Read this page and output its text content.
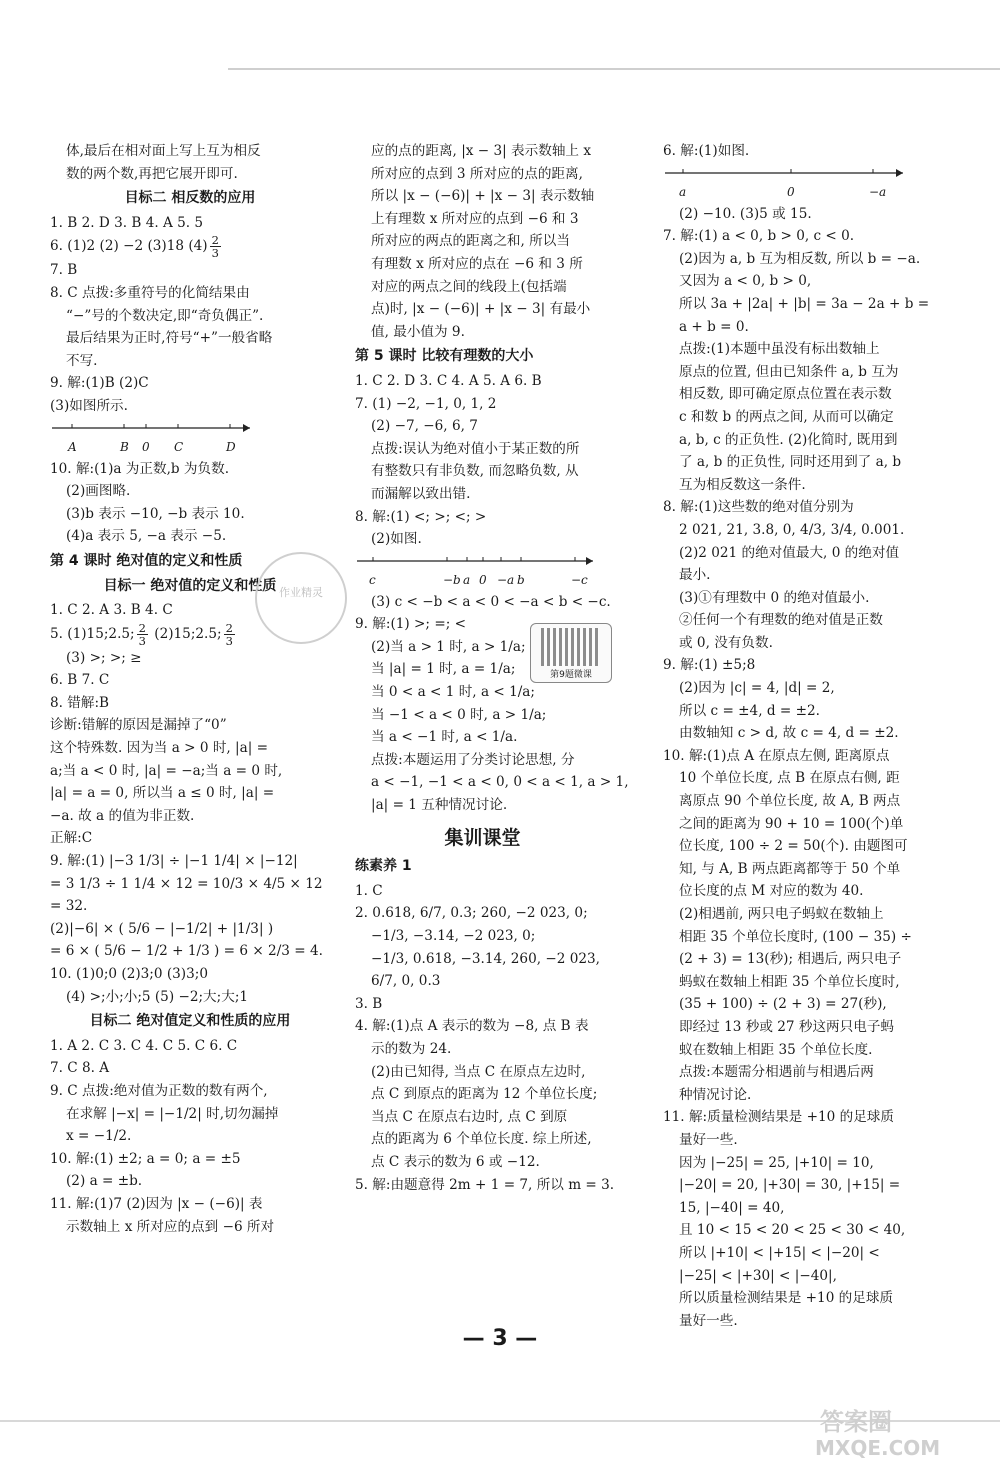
体,最后在相对面上写上互为相反
数的两个数,再把它展开即可.
目标二 相反数的应用
1. B 2. D 3. B 4. A 5. 5
6. (1)2 (2) −2 (3)18 $(4) \frac{2}{3}$
7. B
8. C 点拨:多重符号的化简结果由
“−”号的个数决定,即“奇负偶正”.
最后结果为正时,符号“+”一般省略
不写.
9. 解:(1)B (2)C
(3)如图所示.
A	B 0 C	D
10. 解:(1)a 为正数,b 为负数.
(2)画图略.
(3)b 表示 −10, −b 表示 10.
(4)a 表示 5, −a 表示 −5.
第 4 课时 绝对值的定义和性质
目标一 绝对值的定义和性质
1. C 2. A 3. B 4. C
5. (1)15;2.5; $\frac{2}{3}$ (2)15;2.5; $\frac{2}{3}$
(3) >; >; ≥
6. B 7. C
8. 错解:B
诊断:错解的原因是漏掉了“0”
这个特殊数. 因为当 a > 0 时, |a| =
a;当 a < 0 时, |a| = −a;当 a = 0 时,
|a| = a = 0, 所以当 a ≤ 0 时, |a| =
−a. 故 a 的值为非正数.
正解:C
9. 解:(1) |−3 1/3| ÷ |−1 1/4| × |−12|
= 3 1/3 ÷ 1 1/4 × 12 = 10/3 × 4/5 × 12
= 32.
(2)|−6| × ( 5/6 − |−1/2| + |1/3| )
= 6 × ( 5/6 − 1/2 + 1/3 ) = 6 × 2/3 = 4.
10. (1)0;0 (2)3;0 (3)3;0
(4) >;小;小;5 (5) −2;大;大;1
目标二 绝对值定义和性质的应用
1. A 2. C 3. C 4. C 5. C 6. C
7. C 8. A
9. C 点拨:绝对值为正数的数有两个,
在求解 |−x| = |−1/2| 时,切勿漏掉
x = −1/2.
10. 解:(1) ±2; a = 0; a = ±5
(2) a = ±b.
11. 解:(1)7 (2)因为 |x − (−6)| 表
示数轴上 x 所对应的点到 −6 所对
应的点的距离, |x − 3| 表示数轴上 x
所对应的点到 3 所对应的点的距离,
所以 |x − (−6)| + |x − 3| 表示数轴
上有理数 x 所对应的点到 −6 和 3
所对应的两点的距离之和, 所以当
有理数 x 所对应的点在 −6 和 3 所
对应的两点之间的线段上(包括端
点)时, |x − (−6)| + |x − 3| 有最小
值, 最小值为 9.
第 5 课时 比较有理数的大小
1. C 2. D 3. C 4. A 5. A 6. B
7. (1) −2, −1, 0, 1, 2
(2) −7, −6, 6, 7
点拨:误认为绝对值小于某正数的所
有整数只有非负数, 而忽略负数, 从
而漏解以致出错.
8. 解:(1) <; >; <; >
(2)如图.
c	−b a 0 −a b	−c
(3) c < −b < a < 0 < −a < b < −c.
9. 解:(1) >; =; <
(2)当 a > 1 时, a > 1/a;
当 |a| = 1 时, a = 1/a;
当 0 < a < 1 时, a < 1/a;
当 −1 < a < 0 时, a > 1/a;
当 a < −1 时, a < 1/a.
点拨:本题运用了分类讨论思想, 分
a < −1, −1 < a < 0, 0 < a < 1, a > 1,
|a| = 1 五种情况讨论.
集训课堂
练素养 1
1. C
2. 0.618, 6/7, 0.3; 260, −2 023, 0;
−1/3, −3.14, −2 023, 0;
−1/3, 0.618, −3.14, 260, −2 023,
6/7, 0, 0.3
3. B
4. 解:(1)点 A 表示的数为 −8, 点 B 表
示的数为 24.
(2)由已知得, 当点 C 在原点左边时,
点 C 到原点的距离为 12 个单位长度;
当点 C 在原点右边时, 点 C 到原
点的距离为 6 个单位长度. 综上所述,
点 C 表示的数为 6 或 −12.
5. 解:由题意得 2m + 1 = 7, 所以 m = 3.
6. 解:(1)如图.
a	0	−a
(2) −10. (3)5 或 15.
7. 解:(1) a < 0, b > 0, c < 0.
(2)因为 a, b 互为相反数, 所以 b = −a.
又因为 a < 0, b > 0,
所以 3a + |2a| + |b| = 3a − 2a + b =
a + b = 0.
点拨:(1)本题中虽没有标出数轴上
原点的位置, 但由已知条件 a, b 互为
相反数, 即可确定原点位置在表示数
c 和数 b 的两点之间, 从而可以确定
a, b, c 的正负性. (2)化简时, 既用到
了 a, b 的正负性, 同时还用到了 a, b
互为相反数这一条件.
8. 解:(1)这些数的绝对值分别为
2 021, 21, 3.8, 0, 4/3, 3/4, 0.001.
(2)2 021 的绝对值最大, 0 的绝对值
最小.
(3)①有理数中 0 的绝对值最小.
②任何一个有理数的绝对值是正数
或 0, 没有负数.
9. 解:(1) ±5;8
(2)因为 |c| = 4, |d| = 2,
所以 c = ±4, d = ±2.
由数轴知 c > d, 故 c = 4, d = ±2.
10. 解:(1)点 A 在原点左侧, 距离原点
10 个单位长度, 点 B 在原点右侧, 距
离原点 90 个单位长度, 故 A, B 两点
之间的距离为 90 + 10 = 100(个)单
位长度, 100 ÷ 2 = 50(个). 由题图可
知, 与 A, B 两点距离都等于 50 个单
位长度的点 M 对应的数为 40.
(2)相遇前, 两只电子蚂蚁在数轴上
相距 35 个单位长度时, (100 − 35) ÷
(2 + 3) = 13(秒); 相遇后, 两只电子
蚂蚁在数轴上相距 35 个单位长度时,
(35 + 100) ÷ (2 + 3) = 27(秒),
即经过 13 秒或 27 秒这两只电子蚂
蚁在数轴上相距 35 个单位长度.
点拨:本题需分相遇前与相遇后两
种情况讨论.
11. 解:质量检测结果是 +10 的足球质
量好一些.
因为 |−25| = 25, |+10| = 10,
|−20| = 20, |+30| = 30, |+15| =
15, |−40| = 40,
且 10 < 15 < 20 < 25 < 30 < 40,
所以 |+10| < |+15| < |−20| <
|−25| < |+30| < |−40|,
所以质量检测结果是 +10 的足球质
量好一些.
作业精灵
第9题微课
— 3 —
答案圈
MXQE.COM
